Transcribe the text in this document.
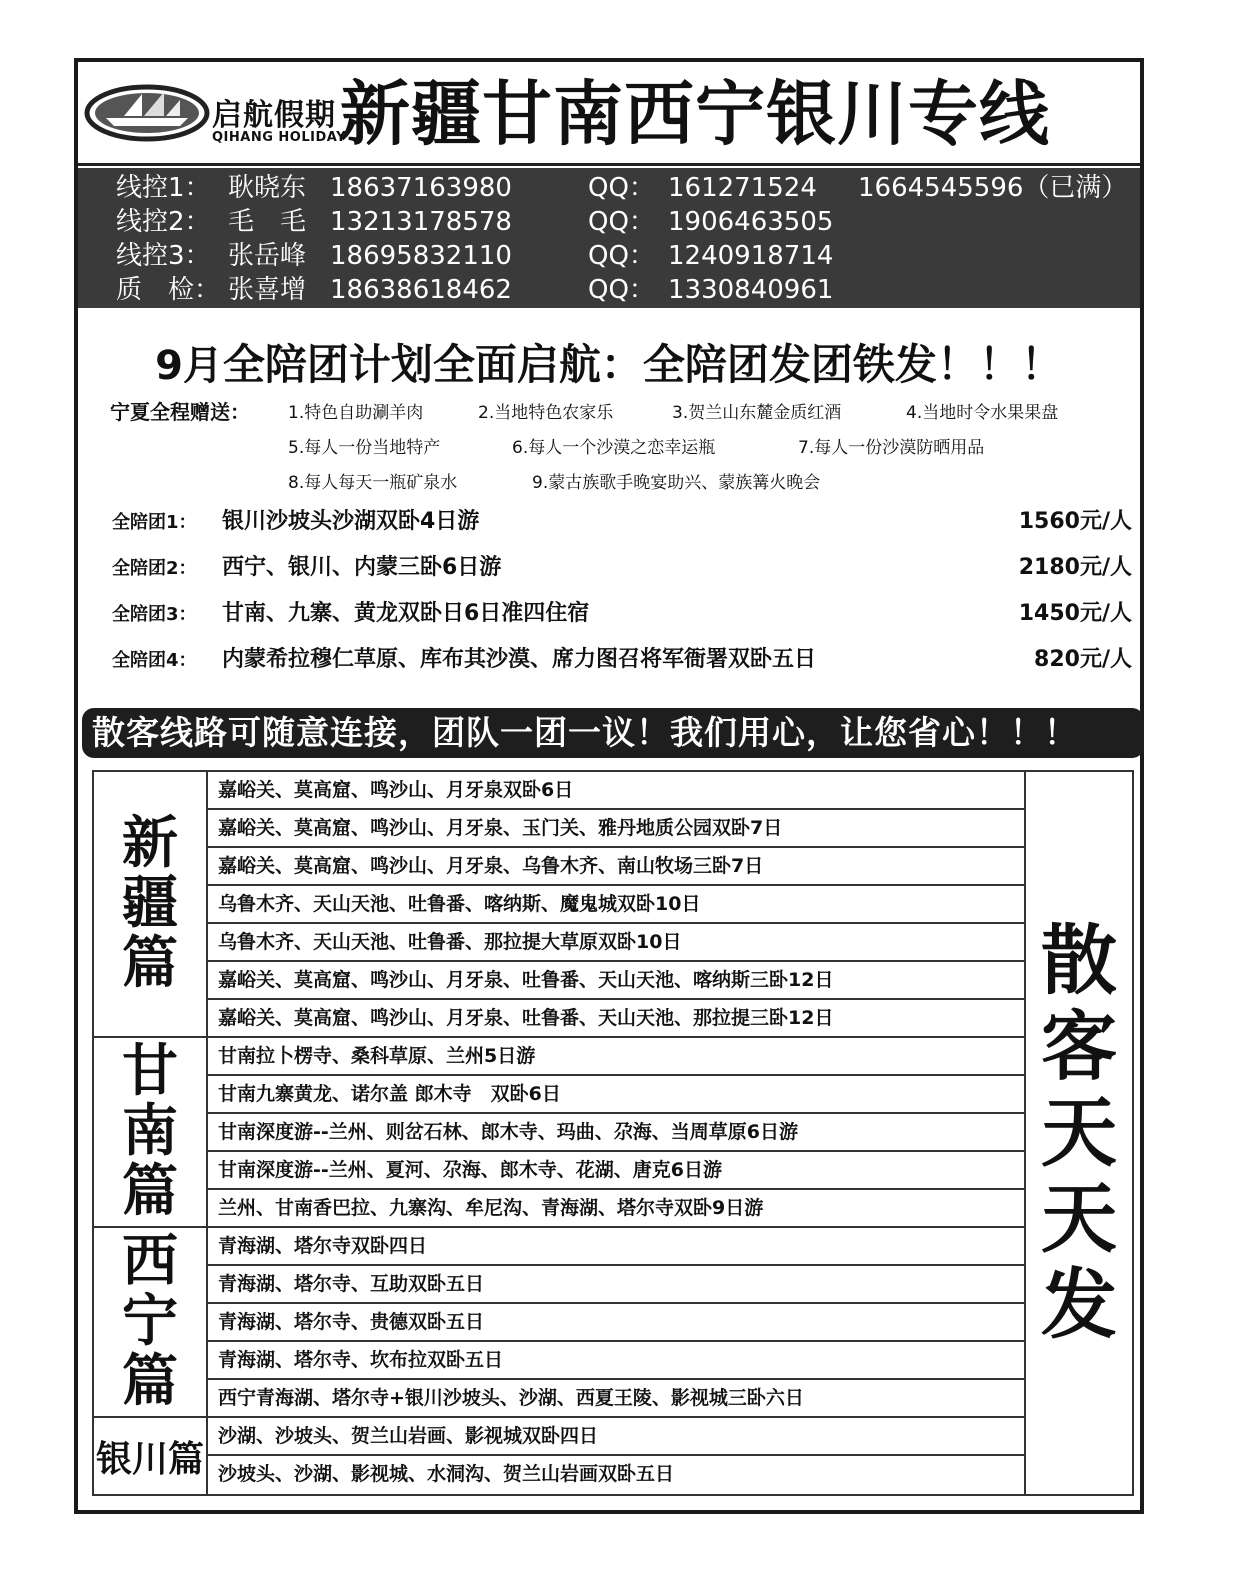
启航假期
QIHANG HOLIDAY
新疆甘南西宁银川专线
线控1： 耿晓东 18637163980	QQ： 161271524 1664545596（已满）
线控2： 毛　毛 13213178578	QQ： 1906463505
线控3： 张岳峰 18695832110	QQ： 1240918714
质　检： 张喜增 18638618462	QQ： 1330840961
9月全陪团计划全面启航：全陪团发团铁发！！！
宁夏全程赠送： 1.特色自助涮羊肉	2.当地特色农家乐	3.贺兰山东麓金质红酒	4.当地时令水果果盘
5.每人一份当地特产	6.每人一个沙漠之恋幸运瓶	7.每人一份沙漠防晒用品
8.每人每天一瓶矿泉水	9.蒙古族歌手晚宴助兴、蒙族篝火晚会
全陪团1： 银川沙坡头沙湖双卧4日游	1560元/人
全陪团2： 西宁、银川、内蒙三卧6日游	2180元/人
全陪团3： 甘南、九寨、黄龙双卧日6日准四住宿	1450元/人
全陪团4： 内蒙希拉穆仁草原、库布其沙漠、席力图召将军衙署双卧五日	820元/人
散客线路可随意连接，团队一团一议！我们用心，让您省心！！！
新疆篇
嘉峪关、莫高窟、鸣沙山、月牙泉双卧6日
嘉峪关、莫高窟、鸣沙山、月牙泉、玉门关、雅丹地质公园双卧7日
嘉峪关、莫高窟、鸣沙山、月牙泉、乌鲁木齐、南山牧场三卧7日
乌鲁木齐、天山天池、吐鲁番、喀纳斯、魔鬼城双卧10日
乌鲁木齐、天山天池、吐鲁番、那拉提大草原双卧10日
嘉峪关、莫高窟、鸣沙山、月牙泉、吐鲁番、天山天池、喀纳斯三卧12日
嘉峪关、莫高窟、鸣沙山、月牙泉、吐鲁番、天山天池、那拉提三卧12日
甘南篇
甘南拉卜楞寺、桑科草原、兰州5日游
甘南九寨黄龙、诺尔盖 郎木寺　双卧6日
甘南深度游--兰州、则岔石林、郎木寺、玛曲、尕海、当周草原6日游
甘南深度游--兰州、夏河、尕海、郎木寺、花湖、唐克6日游
兰州、甘南香巴拉、九寨沟、牟尼沟、青海湖、塔尔寺双卧9日游
西宁篇
青海湖、塔尔寺双卧四日
青海湖、塔尔寺、互助双卧五日
青海湖、塔尔寺、贵德双卧五日
青海湖、塔尔寺、坎布拉双卧五日
西宁青海湖、塔尔寺+银川沙坡头、沙湖、西夏王陵、影视城三卧六日
银川篇
沙湖、沙坡头、贺兰山岩画、影视城双卧四日
沙坡头、沙湖、影视城、水洞沟、贺兰山岩画双卧五日
散客天天发
